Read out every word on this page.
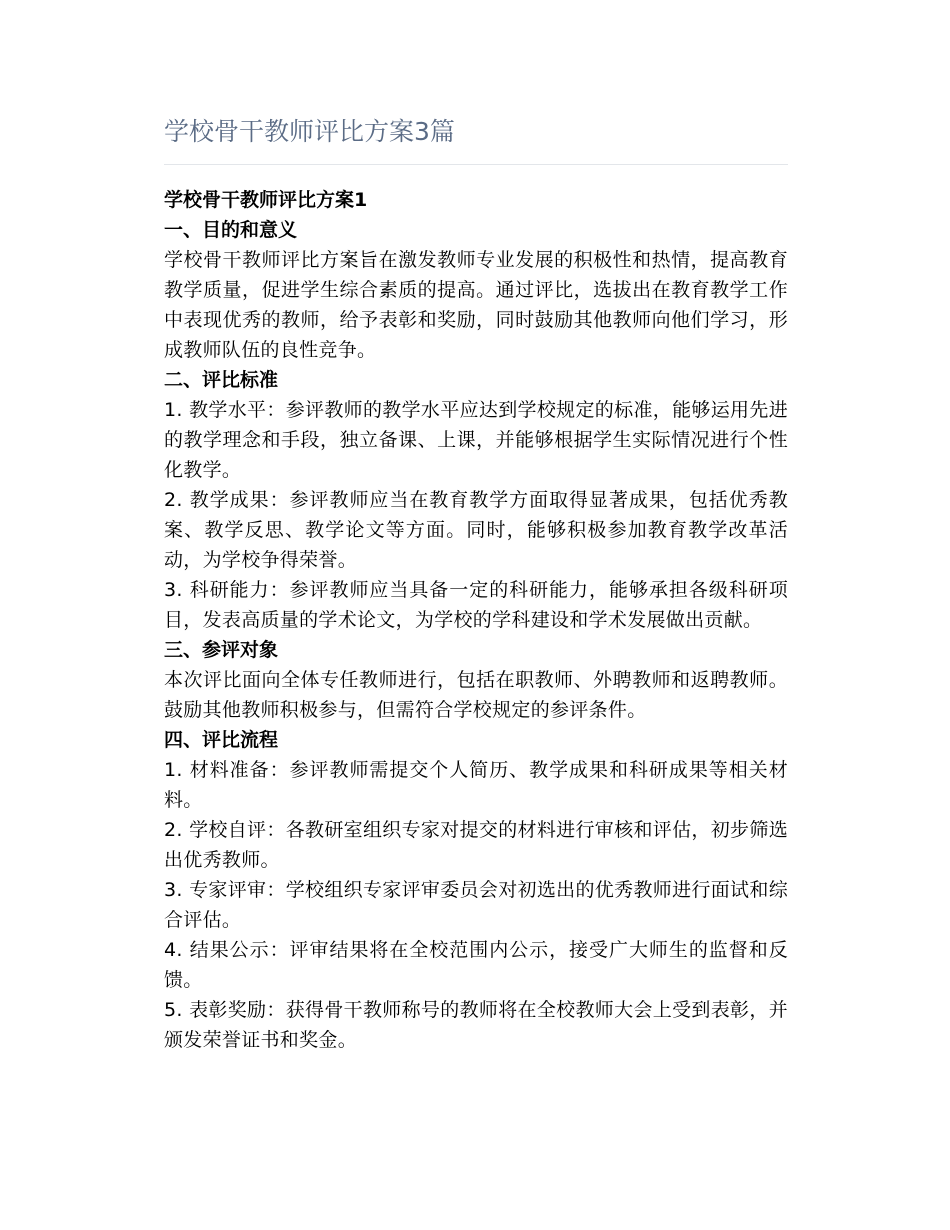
学校骨干教师评比方案3篇
学校骨干教师评比方案1
一、目的和意义

学校骨干教师评比方案旨在激发教师专业发展的积极性和热情，提高教育教学质量，促进学生综合素质的提高。通过评比，选拔出在教育教学工作中表现优秀的教师，给予表彰和奖励，同时鼓励其他教师向他们学习，形成教师队伍的良性竞争。

二、评比标准

1. 教学水平：参评教师的教学水平应达到学校规定的标准，能够运用先进的教学理念和手段，独立备课、上课，并能够根据学生实际情况进行个性化教学。

2. 教学成果：参评教师应当在教育教学方面取得显著成果，包括优秀教案、教学反思、教学论文等方面。同时，能够积极参加教育教学改革活动，为学校争得荣誉。

3. 科研能力：参评教师应当具备一定的科研能力，能够承担各级科研项目，发表高质量的学术论文，为学校的学科建设和学术发展做出贡献。

三、参评对象

本次评比面向全体专任教师进行，包括在职教师、外聘教师和返聘教师。鼓励其他教师积极参与，但需符合学校规定的参评条件。

四、评比流程

1. 材料准备：参评教师需提交个人简历、教学成果和科研成果等相关材料。

2. 学校自评：各教研室组织专家对提交的材料进行审核和评估，初步筛选出优秀教师。

3. 专家评审：学校组织专家评审委员会对初选出的优秀教师进行面试和综合评估。

4. 结果公示：评审结果将在全校范围内公示，接受广大师生的监督和反馈。

5. 表彰奖励：获得骨干教师称号的教师将在全校教师大会上受到表彰，并颁发荣誉证书和奖金。
